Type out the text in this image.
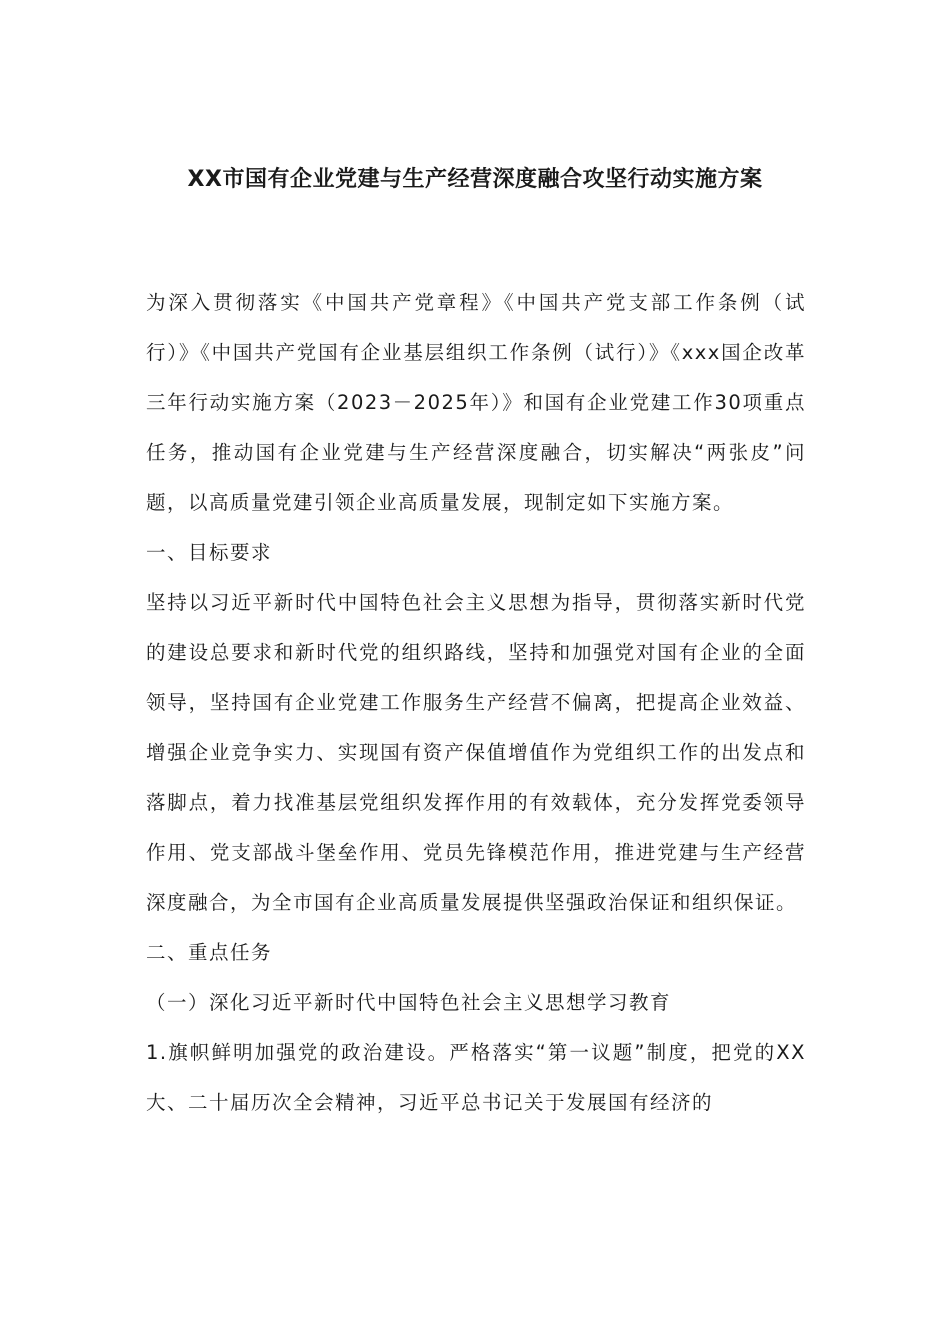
XX市国有企业党建与生产经营深度融合攻坚行动实施方案

为深入贯彻落实《中国共产党章程》《中国共产党支部工作条例（试行）》《中国共产党国有企业基层组织工作条例（试行）》《xxx国企改革三年行动实施方案（2023－2025年）》和国有企业党建工作30项重点任务，推动国有企业党建与生产经营深度融合，切实解决“两张皮”问题，以高质量党建引领企业高质量发展，现制定如下实施方案。

一、目标要求

坚持以习近平新时代中国特色社会主义思想为指导，贯彻落实新时代党的建设总要求和新时代党的组织路线，坚持和加强党对国有企业的全面领导，坚持国有企业党建工作服务生产经营不偏离，把提高企业效益、增强企业竞争实力、实现国有资产保值增值作为党组织工作的出发点和落脚点，着力找准基层党组织发挥作用的有效载体，充分发挥党委领导作用、党支部战斗堡垒作用、党员先锋模范作用，推进党建与生产经营深度融合，为全市国有企业高质量发展提供坚强政治保证和组织保证。

二、重点任务

（一）深化习近平新时代中国特色社会主义思想学习教育

1.旗帜鲜明加强党的政治建设。严格落实“第一议题”制度，把党的XX大、二十届历次全会精神，习近平总书记关于发展国有经济的
